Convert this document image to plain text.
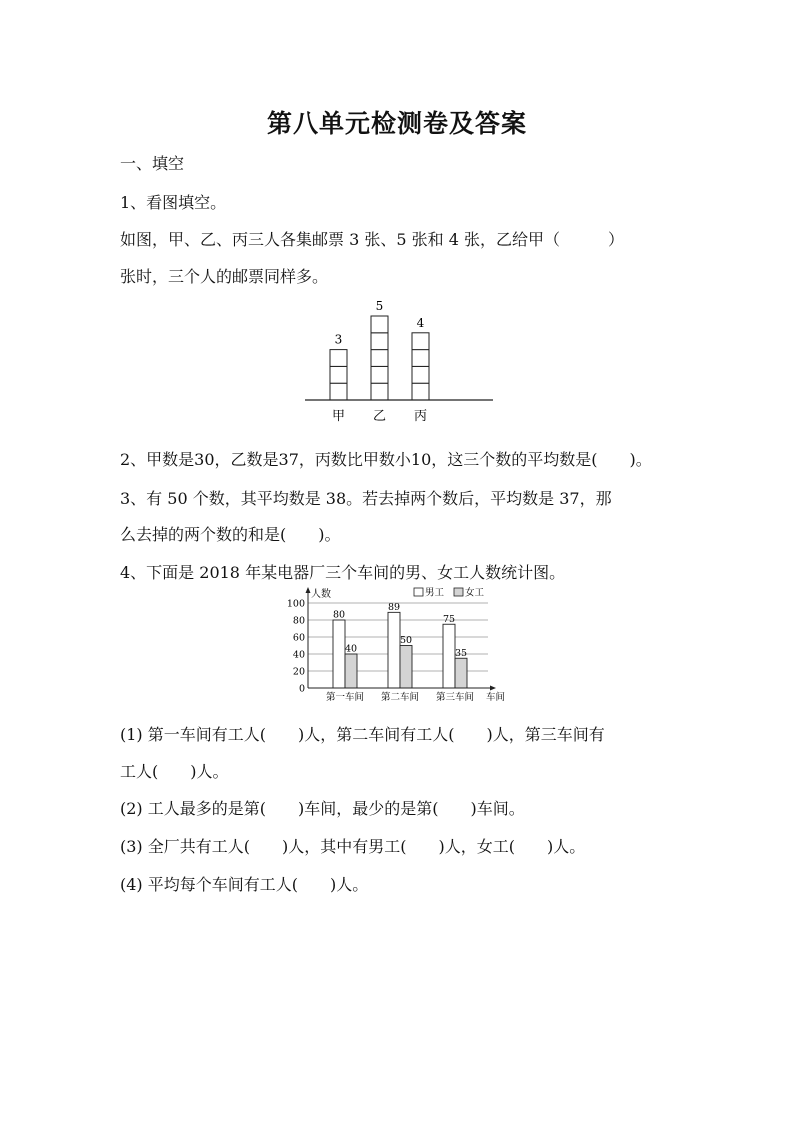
第八单元检测卷及答案
一、填空
1、看图填空。
如图，甲、乙、丙三人各集邮票 3 张、5 张和 4 张，乙给甲（　　　）
张时，三个人的邮票同样多。
3
5
4
甲 乙 丙
2、甲数是30，乙数是37，丙数比甲数小10，这三个数的平均数是(　　)。
3、有 50 个数，其平均数是 38。若去掉两个数后，平均数是 37，那
么去掉的两个数的和是(　　)。
4、下面是 2018 年某电器厂三个车间的男、女工人数统计图。
0
20
40
60
80
100
80
40
第一车间
89
50
第二车间
75
35
第三车间
人数
车间
男工 女工
(1) 第一车间有工人(　　)人，第二车间有工人(　　)人，第三车间有
工人(　　)人。
(2) 工人最多的是第(　　)车间，最少的是第(　　)车间。
(3) 全厂共有工人(　　)人，其中有男工(　　)人，女工(　　)人。
(4) 平均每个车间有工人(　　)人。
